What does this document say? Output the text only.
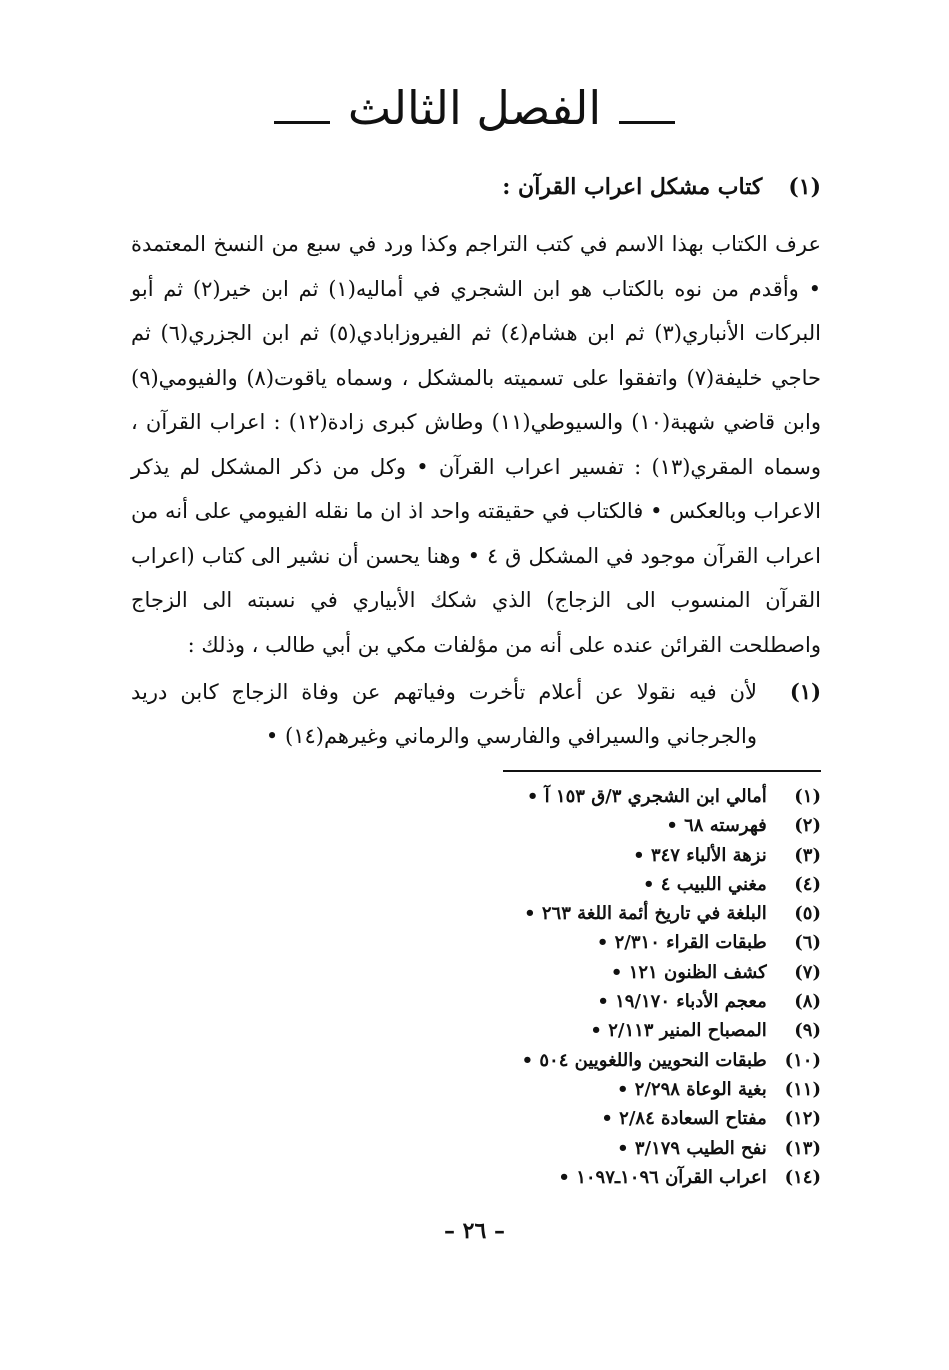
الفصل الثالث
(١)كتاب مشكل اعراب القرآن :

عرف الكتاب بهذا الاسم في كتب التراجم وكذا ورد في سبع من النسخ المعتمدة • وأقدم من نوه بالكتاب هو ابن الشجري في أماليه(١) ثم ابن خير(٢) ثم أبو البركات الأنباري(٣) ثم ابن هشام(٤) ثم الفيروزابادي(٥) ثم ابن الجزري(٦) ثم حاجي خليفة(٧) واتفقوا على تسميته بالمشكل ، وسماه ياقوت(٨) والفيومي(٩) وابن قاضي شهبة(١٠) والسيوطي(١١) وطاش كبرى زادة(١٢) : اعراب القرآن ، وسماه المقري(١٣) : تفسير اعراب القرآن • وكل من ذكر المشكل لم يذكر الاعراب وبالعكس • فالكتاب في حقيقته واحد اذ ان ما نقله الفيومي على أنه من اعراب القرآن موجود في المشكل ق ٤ • وهنا يحسن أن نشير الى كتاب (اعراب القرآن المنسوب الى الزجاج) الذي شكك الأبياري في نسبته الى الزجاج واصطلحت القرائن عنده على أنه من مؤلفات مكي بن أبي طالب ، وذلك :

(١)
لأن فيه نقولا عن أعلام تأخرت وفياتهم عن وفاة الزجاج كابن دريد والجرجاني والسيرافي والفارسي والرماني وغيرهم(١٤) •
(١) أمالي ابن الشجري ٣/ق ١٥٣ آ •
(٢) فهرسته ٦٨ •
(٣) نزهة الألباء ٣٤٧ •
(٤) مغني اللبيب ٤ •
(٥) البلغة في تاريخ أئمة اللغة ٢٦٣ •
(٦) طبقات القراء ٢/٣١٠ •
(٧) كشف الظنون ١٢١ •
(٨) معجم الأدباء ١٩/١٧٠ •
(٩) المصباح المنير ٢/١١٣ •
(١٠) طبقات النحويين واللغويين ٥٠٤ •
(١١) بغية الوعاة ٢/٢٩٨ •
(١٢) مفتاح السعادة ٢/٨٤ •
(١٣) نفح الطيب ٣/١٧٩ •
(١٤) اعراب القرآن ١٠٩٦ـ١٠٩٧ •
– ٢٦ –
